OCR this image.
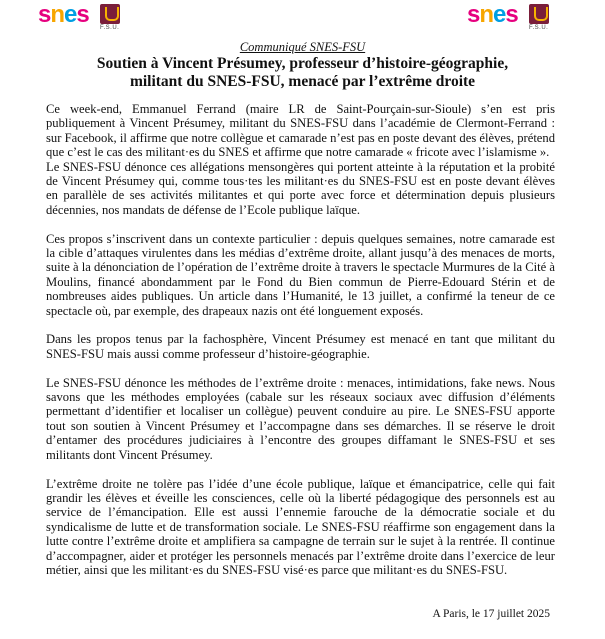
snes F.S.U.	snes F.S.U.
Communiqué SNES-FSU
Soutien à Vincent Présumey, professeur d’histoire-géographie,
militant du SNES-FSU, menacé par l’extrême droite

Ce week-end, Emmanuel Ferrand (maire LR de Saint-Pourçain-sur-Sioule) s’en est pris publiquement à Vincent Présumey, militant du SNES-FSU dans l’académie de Clermont-Ferrand : sur Facebook, il affirme que notre collègue et camarade n’est pas en poste devant des élèves, prétend que c’est le cas des militant·es du SNES et affirme que notre camarade « fricote avec l’islamisme ».
Le SNES-FSU dénonce ces allégations mensongères qui portent atteinte à la réputation et la probité de Vincent Présumey qui, comme tous·tes les militant·es du SNES-FSU est en poste devant élèves en parallèle de ses activités militantes et qui porte avec force et détermination depuis plusieurs décennies, nos mandats de défense de l’Ecole publique laïque.

Ces propos s’inscrivent dans un contexte particulier : depuis quelques semaines, notre camarade est la cible d’attaques virulentes dans les médias d’extrême droite, allant jusqu’à des menaces de morts, suite à la dénonciation de l’opération de l’extrême droite à travers le spectacle Murmures de la Cité à Moulins, financé abondamment par le Fond du Bien commun de Pierre-Edouard Stérin et de nombreuses aides publiques. Un article dans l’Humanité, le 13 juillet, a confirmé la teneur de ce spectacle où, par exemple, des drapeaux nazis ont été longuement exposés.

Dans les propos tenus par la fachosphère, Vincent Présumey est menacé en tant que militant du SNES-FSU mais aussi comme professeur d’histoire-géographie.

Le SNES-FSU dénonce les méthodes de l’extrême droite : menaces, intimidations, fake news. Nous savons que les méthodes employées (cabale sur les réseaux sociaux avec diffusion d’éléments permettant d’identifier et localiser un collègue) peuvent conduire au pire. Le SNES-FSU apporte tout son soutien à Vincent Présumey et l’accompagne dans ses démarches. Il se réserve le droit d’entamer des procédures judiciaires à l’encontre des groupes diffamant le SNES-FSU et ses militants dont Vincent Présumey.

L’extrême droite ne tolère pas l’idée d’une école publique, laïque et émancipatrice, celle qui fait grandir les élèves et éveille les consciences, celle où la liberté pédagogique des personnels est au service de l’émancipation. Elle est aussi l’ennemie farouche de la démocratie sociale et du syndicalisme de lutte et de transformation sociale. Le SNES-FSU réaffirme son engagement dans la lutte contre l’extrême droite et amplifiera sa campagne de terrain sur le sujet à la rentrée. Il continue d’accompagner, aider et protéger les personnels menacés par l’extrême droite dans l’exercice de leur métier, ainsi que les militant·es du SNES-FSU visé·es parce que militant·es du SNES-FSU.

A Paris, le 17 juillet 2025
